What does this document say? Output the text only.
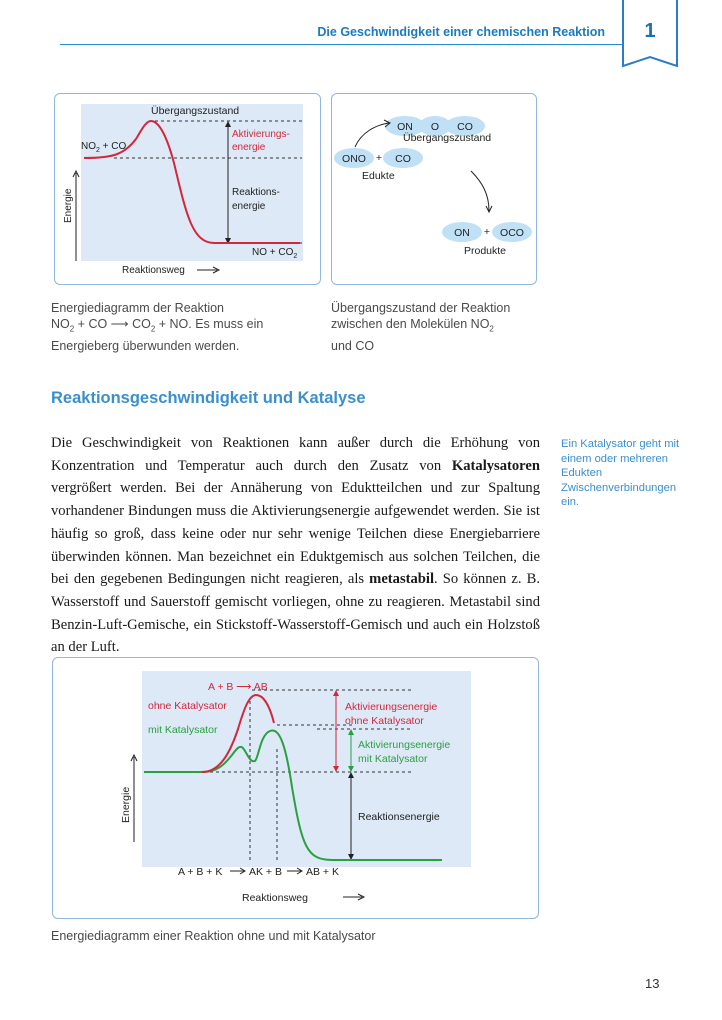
Die Geschwindigkeit einer chemischen Reaktion	1
Übergangszustand
$NO_2$ + CO
Aktivierungs-
energie
Reaktions-
energie
NO + $CO_2$
Energie
Reaktionsweg
Energiediagramm der Reaktion
$NO_2$ + CO ⟶ $CO_2$ + NO. Es muss ein
Energieberg überwunden werden.
ON O CO
Übergangszustand
ONO + CO
Edukte
ON + OCO
Produkte
Übergangszustand der Reaktion
zwischen den Molekülen $NO_2$
und CO
Reaktionsgeschwindigkeit und Katalyse

Die Geschwindigkeit von Reaktionen kann außer durch die Erhöhung von Konzentration und Temperatur auch durch den Zusatz von Katalysatoren vergrößert werden. Bei der Annäherung von Eduktteilchen und zur Spaltung vorhandener Bindungen muss die Aktivierungsenergie aufgewendet werden. Sie ist häufig so groß, dass keine oder nur sehr wenige Teilchen diese Energiebarriere überwinden können. Man bezeichnet ein Eduktgemisch aus solchen Teilchen, die bei den gegebenen Bedingungen nicht reagieren, als metastabil. So können z. B. Wasserstoff und Sauerstoff gemischt vorliegen, ohne zu reagieren. Metastabil sind Benzin-Luft-Gemische, ein Stickstoff-Wasserstoff-Gemisch und auch ein Holzstoß an der Luft.

Ein Katalysator geht mit einem oder mehreren Edukten Zwischenverbindungen ein.
A + B ⟶ AB
ohne Katalysator
mit Katalysator
Aktivierungsenergie
ohne Katalysator
Aktivierungsenergie
mit Katalysator
Reaktionsenergie
Energie
A + B + K	AK + B AB + K
Reaktionsweg
Energiediagramm einer Reaktion ohne und mit Katalysator
13
